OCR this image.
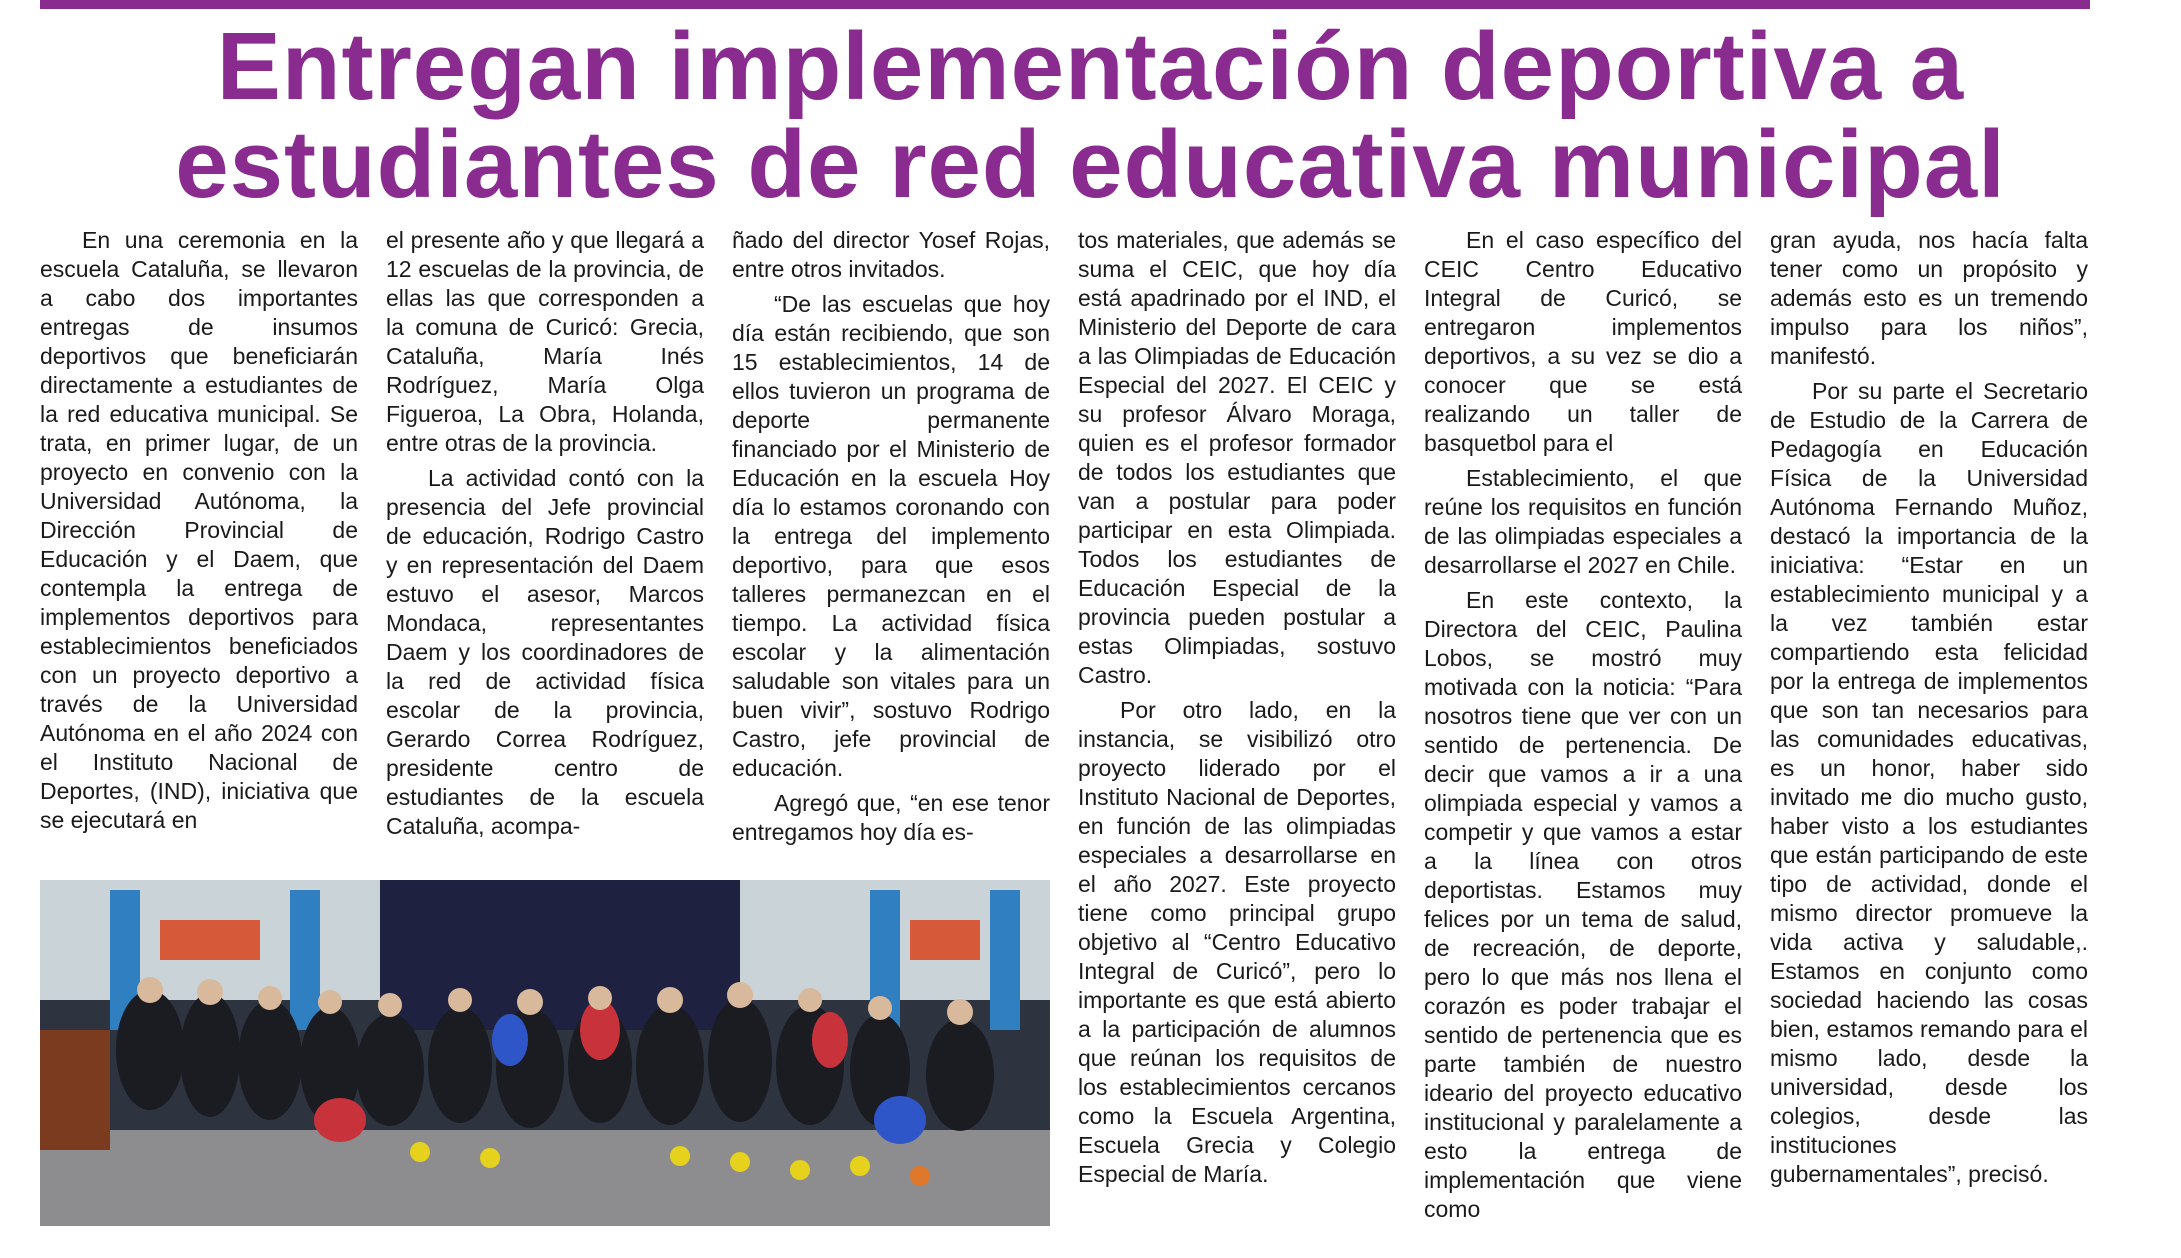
Entregan implementación deportiva a
estudiantes de red educativa municipal

En una ceremonia en la escuela Cataluña, se llevaron a cabo dos importantes entregas de insumos deportivos que beneficiarán directamente a estudiantes de la red educativa municipal. Se trata, en primer lugar, de un proyecto en convenio con la Universidad Autónoma, la Dirección Provincial de Educación y el Daem, que contempla la entrega de implementos deportivos para establecimientos beneficiados con un proyecto deportivo a través de la Universidad Autónoma en el año 2024 con el Instituto Nacional de Deportes, (IND), iniciativa que se ejecutará en

el presente año y que llegará a 12 escuelas de la provincia, de ellas las que corresponden a la comuna de Curicó: Grecia, Cataluña, María Inés Rodríguez, María Olga Figueroa, La Obra, Holanda, entre otras de la provincia.

La actividad contó con la presencia del Jefe provincial de educación, Rodrigo Castro y en representación del Daem estuvo el asesor, Marcos Mondaca, representantes Daem y los coordinadores de la red de actividad física escolar de la provincia, Gerardo Correa Rodríguez, presidente centro de estudiantes de la escuela Cataluña, acompa-

ñado del director Yosef Rojas, entre otros invitados.

“De las escuelas que hoy día están recibiendo, que son 15 establecimientos, 14 de ellos tuvieron un programa de deporte permanente financiado por el Ministerio de Educación en la escuela Hoy día lo estamos coronando con la entrega del implemento deportivo, para que esos talleres permanezcan en el tiempo. La actividad física escolar y la alimentación saludable son vitales para un buen vivir”, sostuvo Rodrigo Castro, jefe provincial de educación.

Agregó que, “en ese tenor entregamos hoy día es-

tos materiales, que además se suma el CEIC, que hoy día está apadrinado por el IND, el Ministerio del Deporte de cara a las Olimpiadas de Educación Especial del 2027. El CEIC y su profesor Álvaro Moraga, quien es el profesor formador de todos los estudiantes que van a postular para poder participar en esta Olimpiada. Todos los estudiantes de Educación Especial de la provincia pueden postular a estas Olimpiadas, sostuvo Castro.

Por otro lado, en la instancia, se visibilizó otro proyecto liderado por el Instituto Nacional de Deportes, en función de las olimpiadas especiales a desarrollarse en el año 2027. Este proyecto tiene como principal grupo objetivo al “Centro Educativo Integral de Curicó”, pero lo importante es que está abierto a la participación de alumnos que reúnan los requisitos de los establecimientos cercanos como la Escuela Argentina, Escuela Grecia y Colegio Especial de María.

En el caso específico del CEIC Centro Educativo Integral de Curicó, se entregaron implementos deportivos, a su vez se dio a conocer que se está realizando un taller de basquetbol para el

Establecimiento, el que reúne los requisitos en función de las olimpiadas especiales a desarrollarse el 2027 en Chile.

En este contexto, la Directora del CEIC, Paulina Lobos, se mostró muy motivada con la noticia: “Para nosotros tiene que ver con un sentido de pertenencia. De decir que vamos a ir a una olimpiada especial y vamos a competir y que vamos a estar a la línea con otros deportistas. Estamos muy felices por un tema de salud, de recreación, de deporte, pero lo que más nos llena el corazón es poder trabajar el sentido de pertenencia que es parte también de nuestro ideario del proyecto educativo institucional y paralelamente a esto la entrega de implementación que viene como

gran ayuda, nos hacía falta tener como un propósito y además esto es un tremendo impulso para los niños”, manifestó.

Por su parte el Secretario de Estudio de la Carrera de Pedagogía en Educación Física de la Universidad Autónoma Fernando Muñoz, destacó la importancia de la iniciativa: “Estar en un establecimiento municipal y a la vez también estar compartiendo esta felicidad por la entrega de implementos que son tan necesarios para las comunidades educativas, es un honor, haber sido invitado me dio mucho gusto, haber visto a los estudiantes que están participando de este tipo de actividad, donde el mismo director promueve la vida activa y saludable,. Estamos en conjunto como sociedad haciendo las cosas bien, estamos remando para el mismo lado, desde la universidad, desde los colegios, desde las instituciones gubernamentales”, precisó.
